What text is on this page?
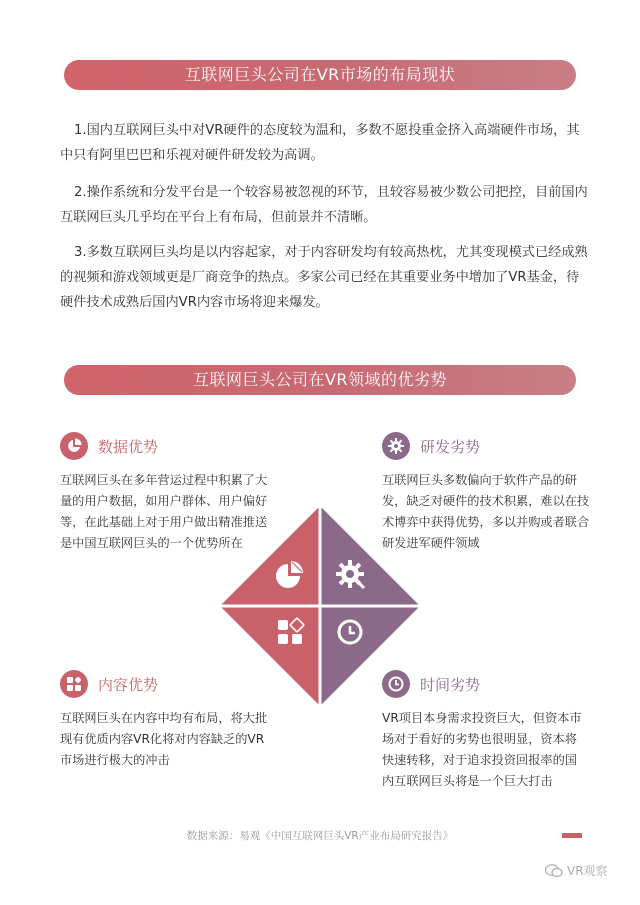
互联网巨头公司在VR市场的布局现状

1.国内互联网巨头中对VR硬件的态度较为温和，多数不愿投重金挤入高端硬件市场，其中只有阿里巴巴和乐视对硬件研发较为高调。

2.操作系统和分发平台是一个较容易被忽视的环节，且较容易被少数公司把控，目前国内互联网巨头几乎均在平台上有布局，但前景并不清晰。

3.多数互联网巨头均是以内容起家，对于内容研发均有较高热枕，尤其变现模式已经成熟的视频和游戏领域更是厂商竞争的热点。多家公司已经在其重要业务中增加了VR基金，待硬件技术成熟后国内VR内容市场将迎来爆发。

互联网巨头公司在VR领域的优劣势
数据优势

互联网巨头在多年营运过程中积累了大量的用户数据，如用户群体、用户偏好等，在此基础上对于用户做出精准推送是中国互联网巨头的一个优势所在

研发劣势

互联网巨头多数偏向于软件产品的研发，缺乏对硬件的技术积累，难以在技术博弈中获得优势，多以并购或者联合研发进军硬件领域

内容优势

互联网巨头在内容中均有布局，将大批现有优质内容VR化将对内容缺乏的VR市场进行极大的冲击

时间劣势

VR项目本身需求投资巨大，但资本市场对于看好的劣势也很明显，资本将快速转移，对于追求投资回报率的国内互联网巨头将是一个巨大打击

数据来源：易观《中国互联网巨头VR产业布局研究报告》
VR观察
